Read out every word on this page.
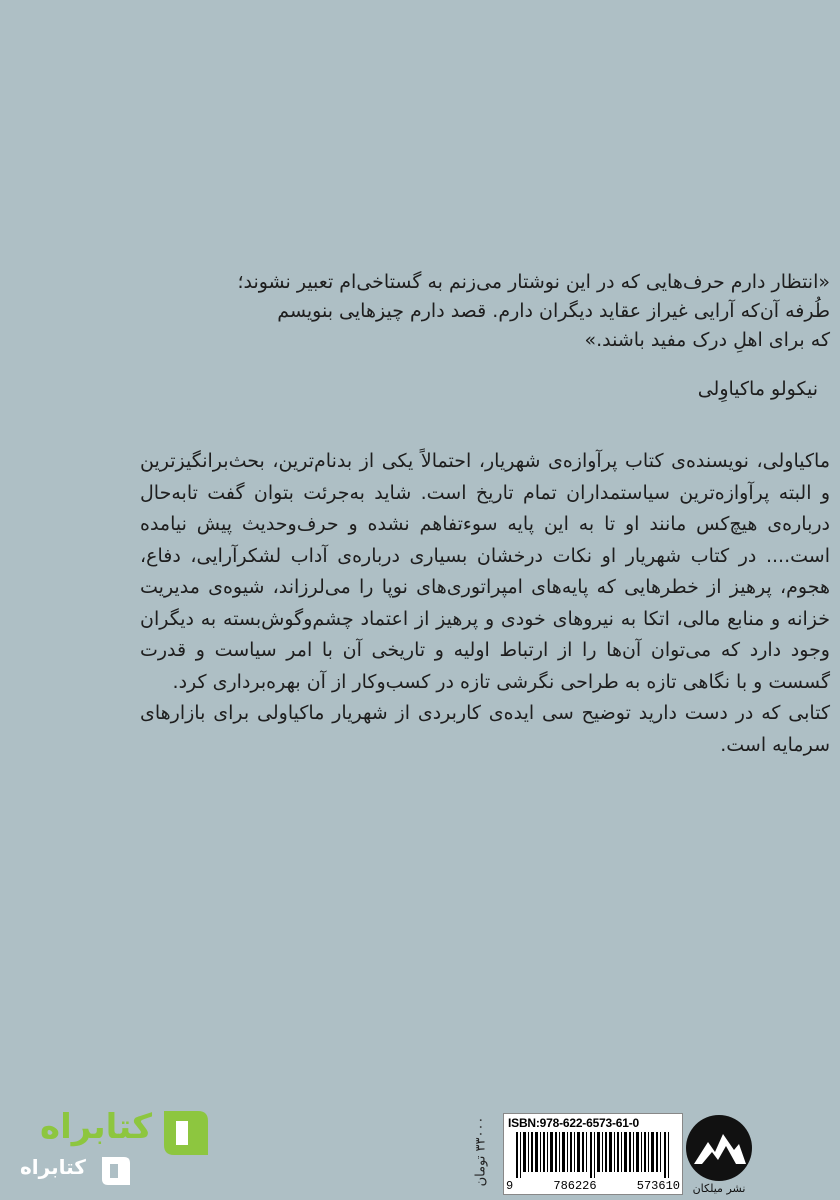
«انتظار دارم حرف‌هایی که در این نوشتار می‌زنم به گستاخی‌ام تعبیر نشوند؛

طُرفه آن‌که آرایی غیراز عقاید دیگران دارم. قصد دارم چیزهایی بنویسم

که برای اهلِ درک مفید باشند.»

نیکولو ماکیاوِلی

ماکیاولی، نویسنده‌ی کتاب پرآوازه‌ی شهریار، احتمالاً یکی از بدنام‌ترین، بحث‌برانگیزترین و البته پرآوازه‌ترین سیاستمداران تمام تاریخ است. شاید به‌جرئت بتوان گفت تابه‌حال درباره‌ی هیچ‌کس مانند او تا به این پایه سوءتفاهم نشده و حرف‌وحدیث پیش نیامده است.... در کتاب شهریار او نکات درخشان بسیاری درباره‌ی آداب لشکرآرایی، دفاع، هجوم، پرهیز از خطرهایی که پایه‌های امپراتوری‌های نوپا را می‌لرزاند، شیوه‌ی مدیریت خزانه و منابع مالی، اتکا به نیروهای خودی و پرهیز از اعتماد چشم‌وگوش‌بسته به دیگران وجود دارد که می‌توان آن‌ها را از ارتباط اولیه و تاریخی آن با امر سیاست و قدرت گسست و با نگاهی تازه به طراحی نگرشی تازه در کسب‌وکار از آن بهره‌برداری کرد.

کتابی که در دست دارید توضیح سی ایده‌ی کاربردی از شهریار ماکیاولی برای بازارهای سرمایه است.

۳۳۰۰۰ تومان ISBN:978-622-6573-61-0
9	786226	573610	نشر میلکان
کتابراه
کتابراه
